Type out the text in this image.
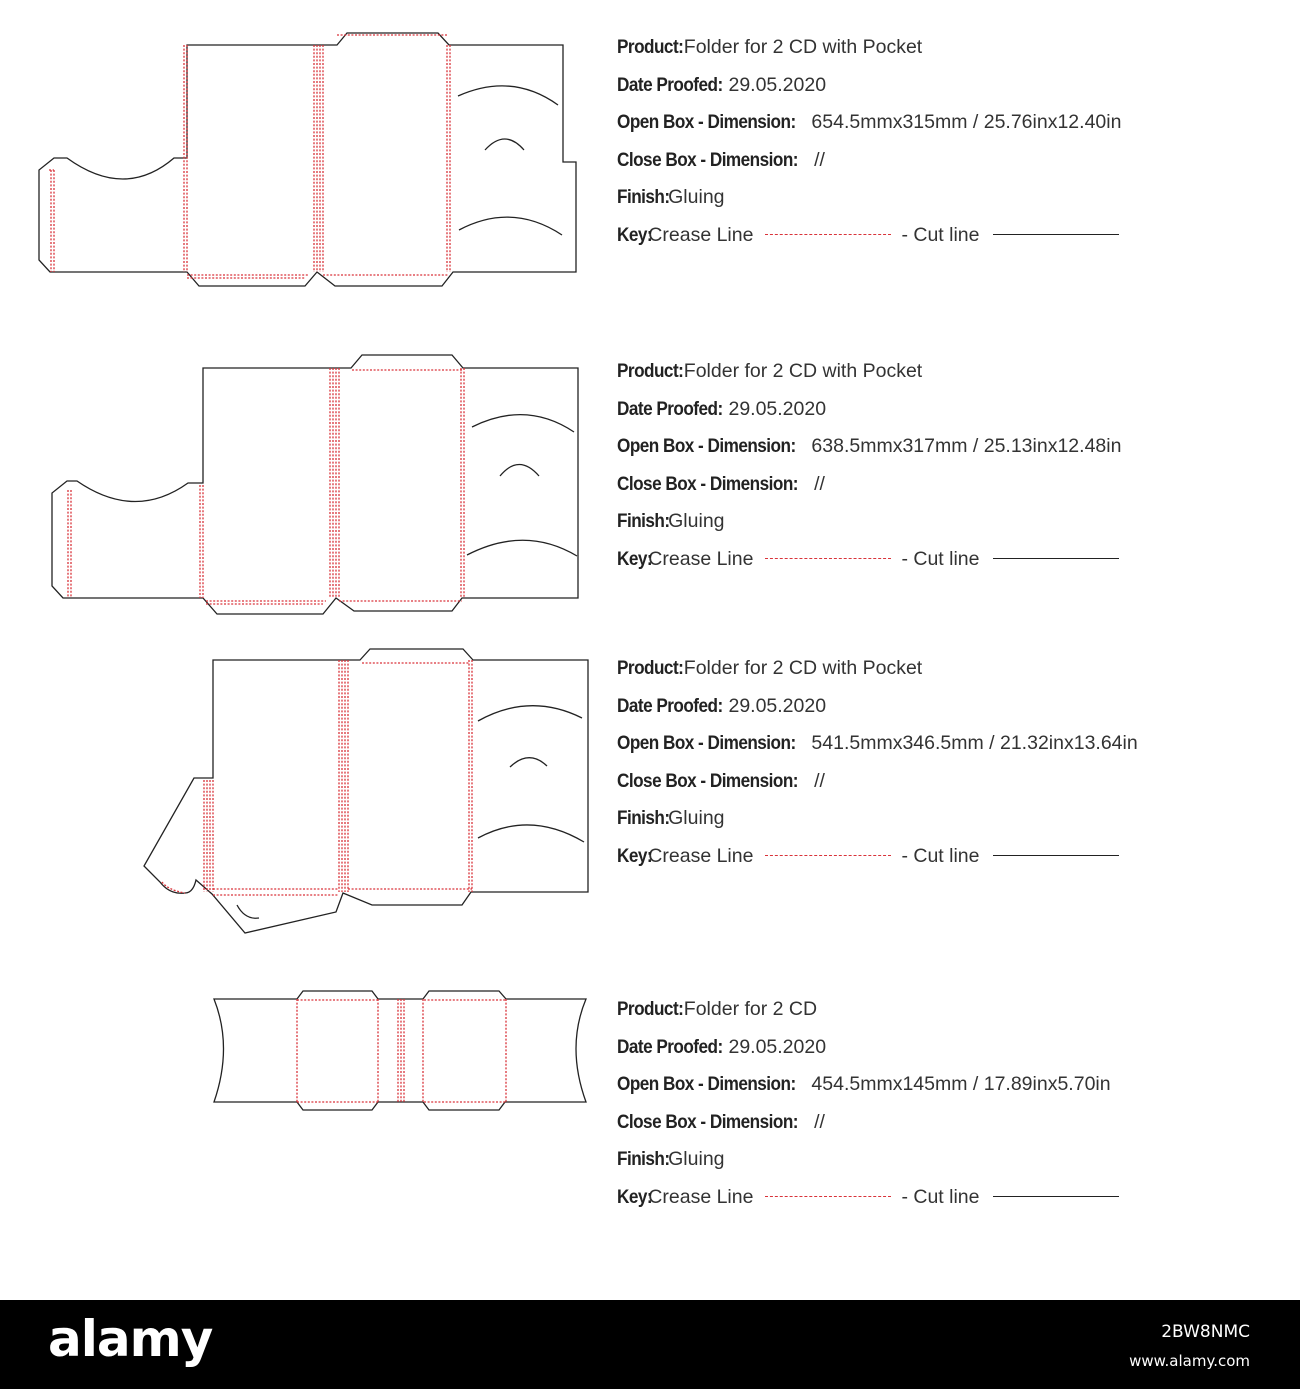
Product: Folder for 2 CD with Pocket
Date Proofed: 29.05.2020
Open Box - Dimension: 654.5mmx315mm / 25.76inx12.40in
Close Box - Dimension: //
Finish: Gluing
Key: Crease Line	- Cut line
Product: Folder for 2 CD with Pocket
Date Proofed: 29.05.2020
Open Box - Dimension: 638.5mmx317mm / 25.13inx12.48in
Close Box - Dimension: //
Finish: Gluing
Key: Crease Line	- Cut line
Product: Folder for 2 CD with Pocket
Date Proofed: 29.05.2020
Open Box - Dimension: 541.5mmx346.5mm / 21.32inx13.64in
Close Box - Dimension: //
Finish: Gluing
Key: Crease Line	- Cut line
Product: Folder for 2 CD
Date Proofed: 29.05.2020
Open Box - Dimension: 454.5mmx145mm / 17.89inx5.70in
Close Box - Dimension: //
Finish: Gluing
Key: Crease Line	- Cut line
alamy	2BW8NMC
www.alamy.com
